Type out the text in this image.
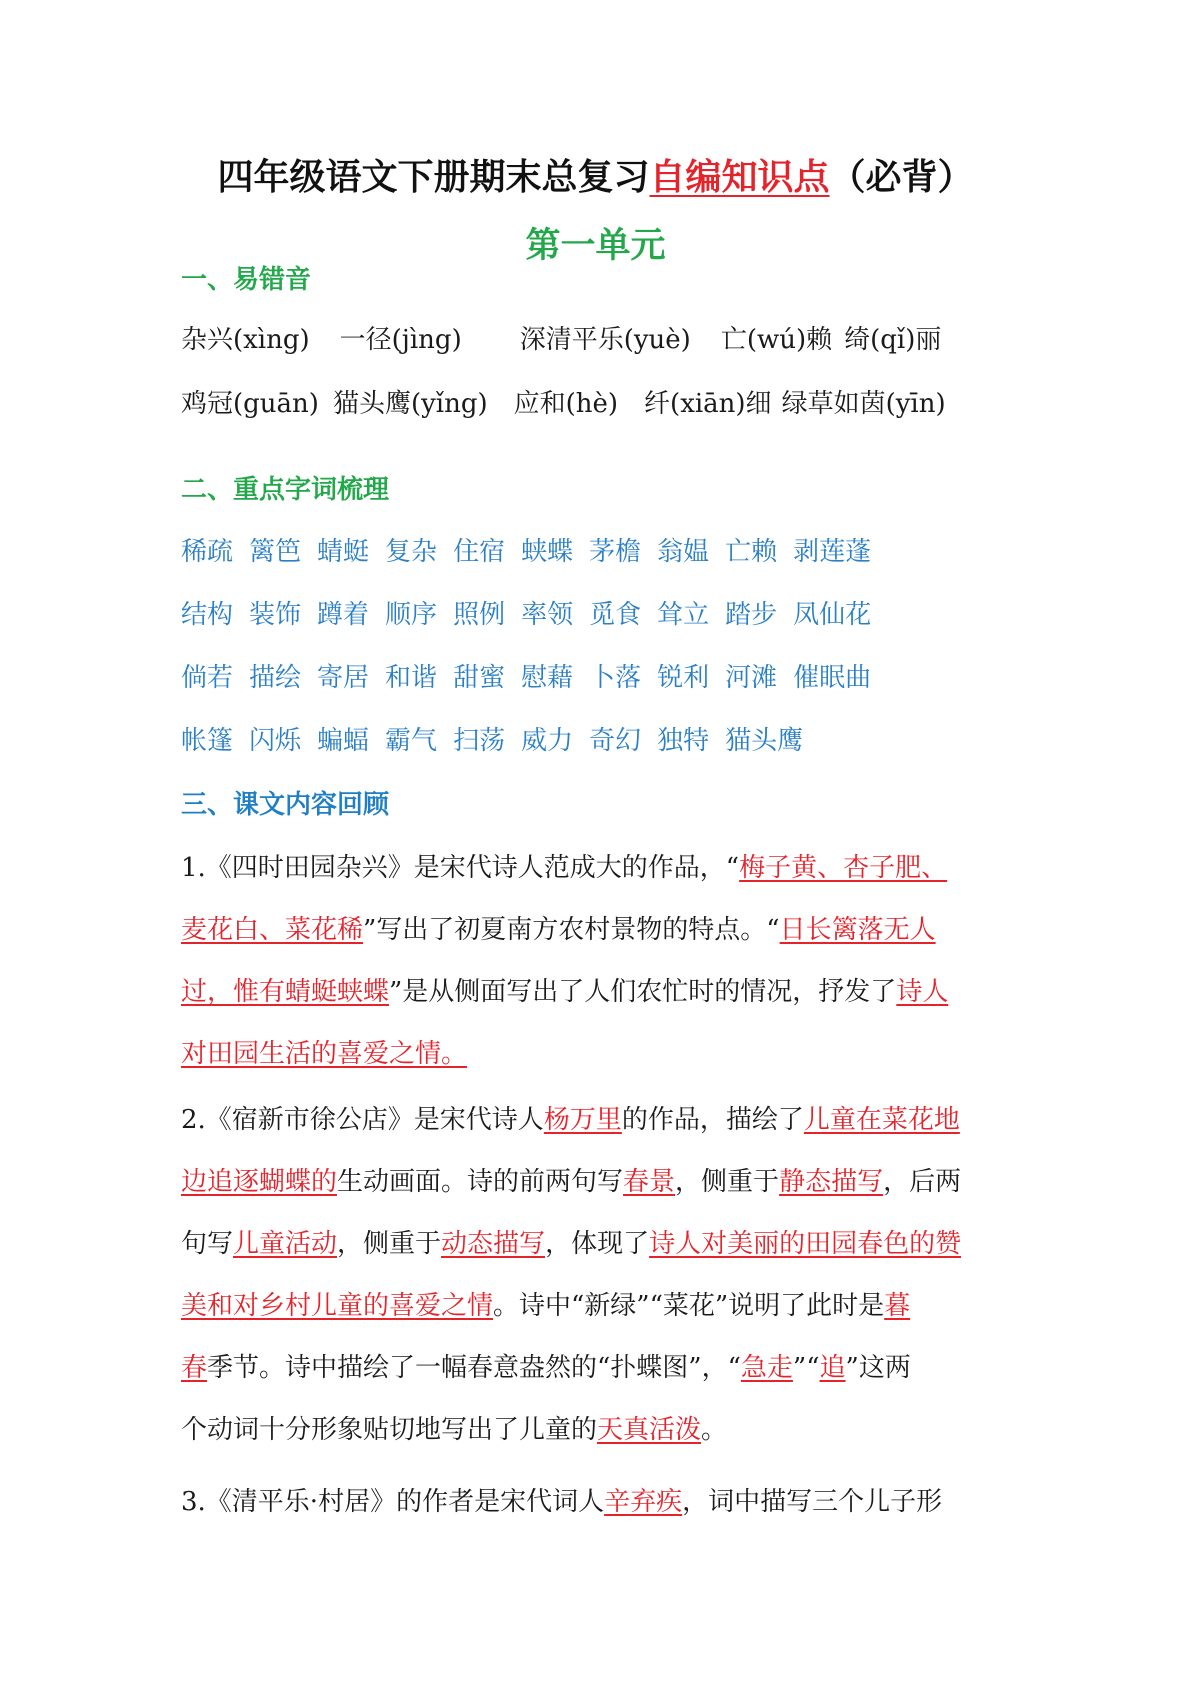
四年级语文下册期末总复习自编知识点（必背）
第一单元
一、易错音
杂兴(xìng) 一径(jìng) 深清平乐(yuè) 亡(wú)赖 绮(qǐ)丽
鸡冠(guān) 猫头鹰(yǐng) 应和(hè) 纤(xiān)细 绿草如茵(yīn)
二、重点字词梳理
稀疏 篱笆 蜻蜓 复杂 住宿 蛱蝶 茅檐 翁媪 亡赖 剥莲蓬
结构 装饰 蹲着 顺序 照例 率领 觅食 耸立 踏步 凤仙花
倘若 描绘 寄居 和谐 甜蜜 慰藉 卜落 锐利 河滩 催眠曲
帐篷 闪烁 蝙蝠 霸气 扫荡 威力 奇幻 独特 猫头鹰
三、课文内容回顾
1.《四时田园杂兴》是宋代诗人范成大的作品，“梅子黄、杏子肥、
麦花白、菜花稀”写出了初夏南方农村景物的特点。“日长篱落无人
过，惟有蜻蜓蛱蝶”是从侧面写出了人们农忙时的情况，抒发了诗人
对田园生活的喜爱之情。
2.《宿新市徐公店》是宋代诗人杨万里的作品，描绘了儿童在菜花地
边追逐蝴蝶的生动画面。诗的前两句写春景，侧重于静态描写，后两
句写儿童活动，侧重于动态描写，体现了诗人对美丽的田园春色的赞
美和对乡村儿童的喜爱之情。诗中“新绿”“菜花”说明了此时是暮
春季节。诗中描绘了一幅春意盎然的“扑蝶图”，“急走”“追”这两
个动词十分形象贴切地写出了儿童的天真活泼。
3.《清平乐·村居》的作者是宋代词人辛弃疾，词中描写三个儿子形
